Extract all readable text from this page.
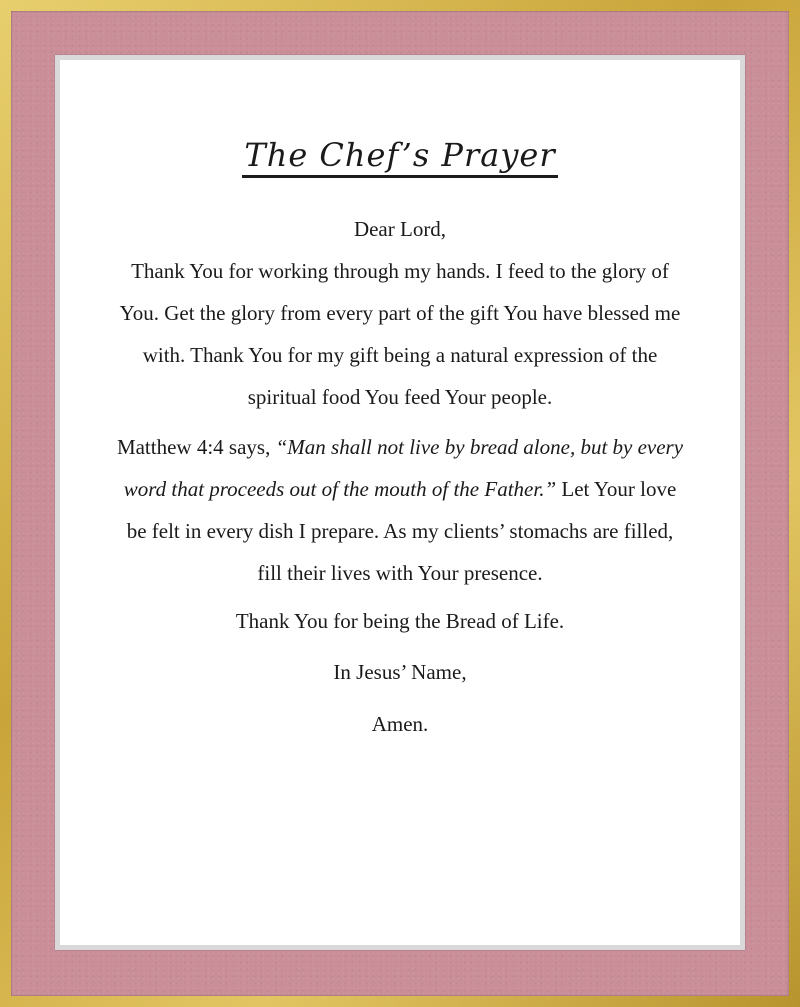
The Chef’s Prayer

Dear Lord,

Thank You for working through my hands. I feed to the glory of You. Get the glory from every part of the gift You have blessed me with. Thank You for my gift being a natural expression of the spiritual food You feed Your people.

Matthew 4:4 says, “Man shall not live by bread alone, but by every word that proceeds out of the mouth of the Father.” Let Your love be felt in every dish I prepare. As my clients’ stomachs are filled, fill their lives with Your presence.

Thank You for being the Bread of Life.

In Jesus’ Name,

Amen.
